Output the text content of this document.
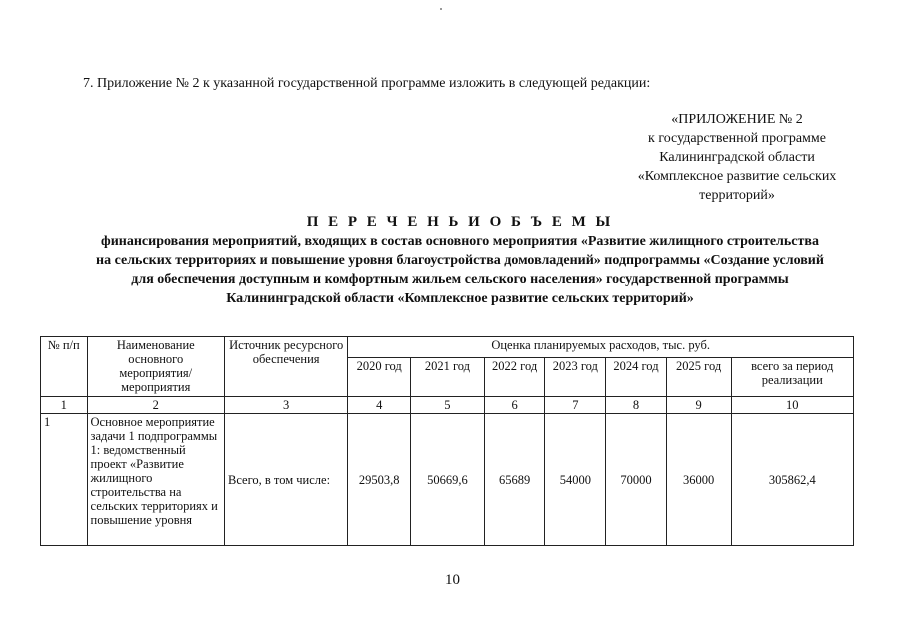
7. Приложение № 2 к указанной государственной программе изложить в следующей редакции:
«ПРИЛОЖЕНИЕ № 2
к государственной программе
Калининградской области
«Комплексное развитие сельских
территорий»
П Е Р Е Ч Е Н Ь И О Б Ъ Е М Ы
финансирования мероприятий, входящих в состав основного мероприятия «Развитие жилищного строительства
на сельских территориях и повышение уровня благоустройства домовладений» подпрограммы «Создание условий
для обеспечения доступным и комфортным жильем сельского населения» государственной программы
Калининградской области «Комплексное развитие сельских территорий»
№ п/п	Наименование основного мероприятия/ мероприятия	Источник ресурсного обеспечения	Оценка планируемых расходов, тыс. руб.						
			2020 год	2021 год	2022 год	2023 год	2024 год	2025 год	всего за период реализации
1	2	3	4	5	6	7	8	9	10
1	Основное мероприятие задачи 1 подпрограммы 1: ведомственный проект «Развитие жилищного строительства на сельских территориях и повышение уровня	Всего, в том числе:	29503,8	50669,6	65689	54000	70000	36000	305862,4
10
